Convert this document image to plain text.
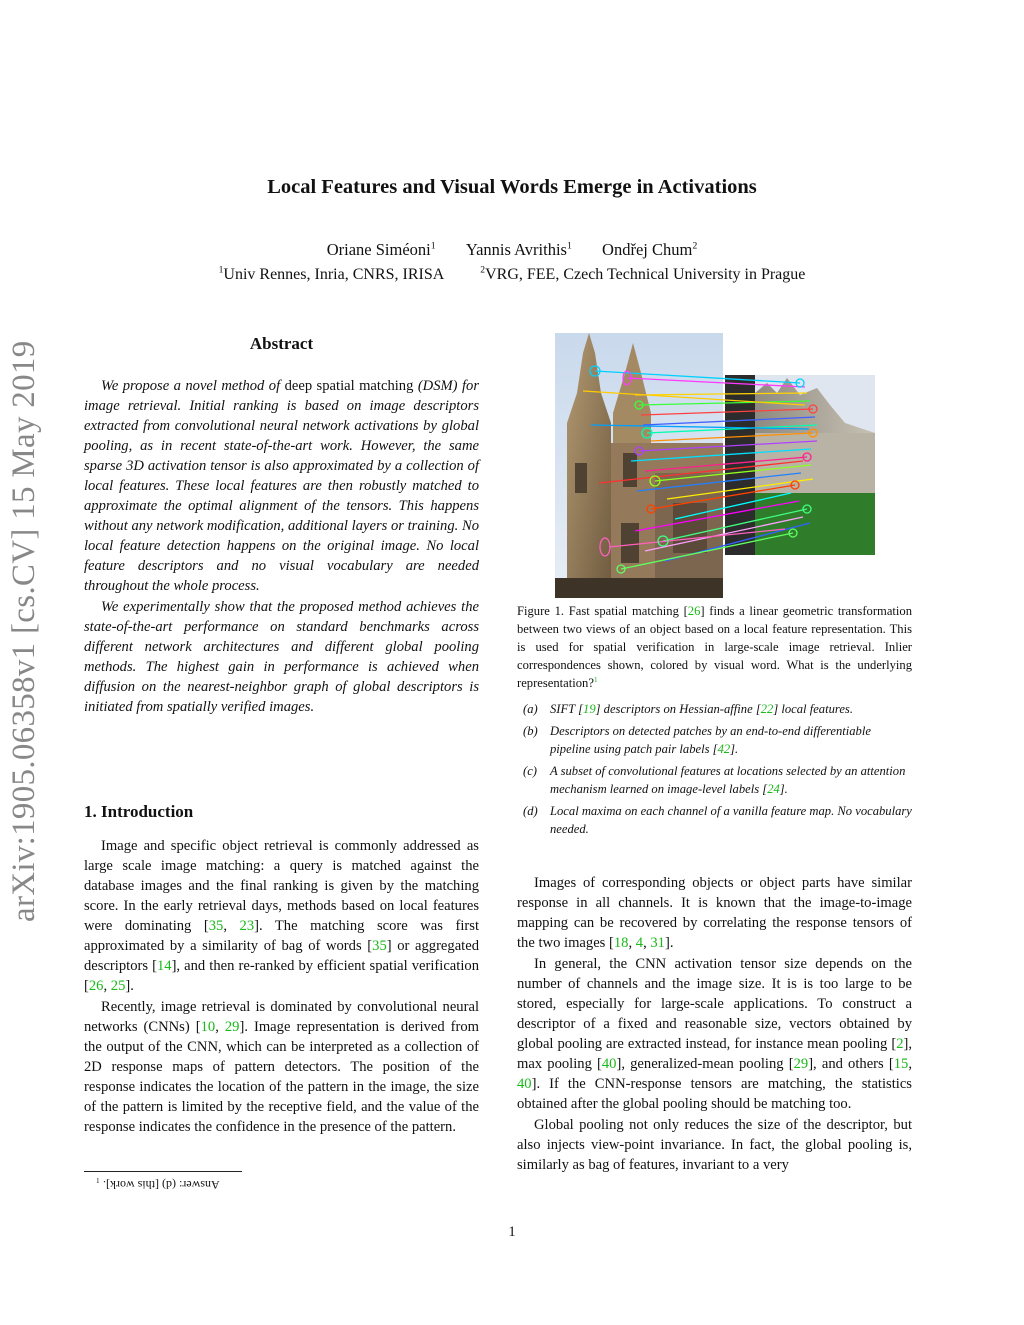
arXiv:1905.06358v1 [cs.CV] 15 May 2019
Local Features and Visual Words Emerge in Activations
Oriane Siméoni$^1$ Yannis Avrithis$^1$ Ondřej Chum$^2$
$^1$Univ Rennes, Inria, CNRS, IRISA	$^2$VRG, FEE, Czech Technical University in Prague
Abstract

We propose a novel method of deep spatial matching (DSM) for image retrieval. Initial ranking is based on image descriptors extracted from convolutional neural network activations by global pooling, as in recent state-of-the-art work. However, the same sparse 3D activation tensor is also approximated by a collection of local features. These local features are then robustly matched to approximate the optimal alignment of the tensors. This happens without any network modification, additional layers or training. No local feature detection happens on the original image. No local feature descriptors and no visual vocabulary are needed throughout the whole process.

We experimentally show that the proposed method achieves the state-of-the-art performance on standard benchmarks across different network architectures and different global pooling methods. The highest gain in performance is achieved when diffusion on the nearest-neighbor graph of global descriptors is initiated from spatially verified images.

1. Introduction

Image and specific object retrieval is commonly addressed as large scale image matching: a query is matched against the database images and the final ranking is given by the matching score. In the early retrieval days, methods based on local features were dominating [35, 23]. The matching score was first approximated by a similarity of bag of words [35] or aggregated descriptors [14], and then re-ranked by efficient spatial verification [26, 25].

Recently, image retrieval is dominated by convolutional neural networks (CNNs) [10, 29]. Image representation is derived from the output of the CNN, which can be interpreted as a collection of 2D response maps of pattern detectors. The position of the response indicates the location of the pattern in the image, the size of the pattern is limited by the receptive field, and the value of the response indicates the confidence in the presence of the pattern.

$^1$ Answer: (d) [this work].
Figure 1. Fast spatial matching [26] finds a linear geometric transformation between two views of an object based on a local feature representation. This is used for spatial verification in large-scale image retrieval. Inlier correspondences shown, colored by visual word. What is the underlying representation?$^1$
(a) SIFT [19] descriptors on Hessian-affine [22] local features.
(b) Descriptors on detected patches by an end-to-end differentiable pipeline using patch pair labels [42].
(c)	A subset of convolutional features at locations selected by an attention mechanism learned on image-level labels [24].
(d) Local maxima on each channel of a vanilla feature map. No vocabulary needed.

Images of corresponding objects or object parts have similar response in all channels. It is known that the image-to-image mapping can be recovered by correlating the response tensors of the two images [18, 4, 31].

In general, the CNN activation tensor size depends on the number of channels and the image size. It is is too large to be stored, especially for large-scale applications. To construct a descriptor of a fixed and reasonable size, vectors obtained by global pooling are extracted instead, for instance mean pooling [2], max pooling [40], generalized-mean pooling [29], and others [15, 40]. If the CNN-response tensors are matching, the statistics obtained after the global pooling should be matching too.

Global pooling not only reduces the size of the descriptor, but also injects view-point invariance. In fact, the global pooling is, similarly as bag of features, invariant to a very

1
